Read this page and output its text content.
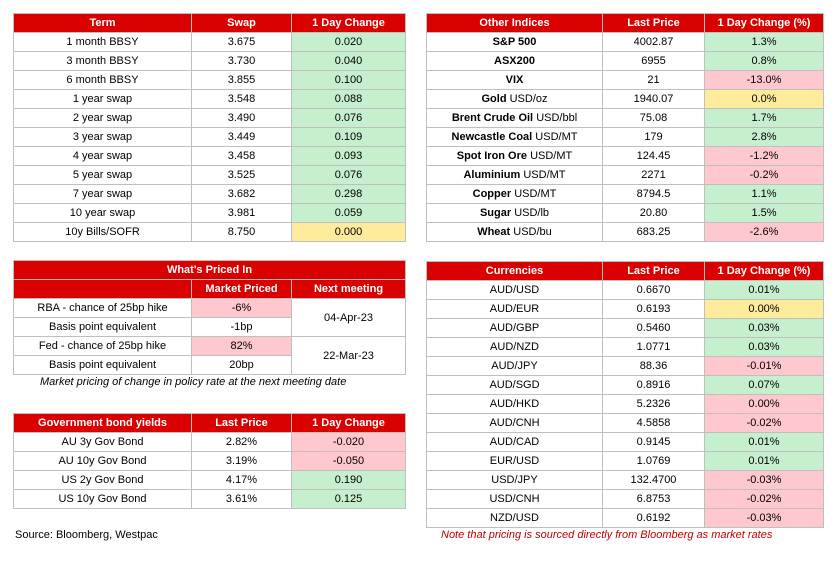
Term	Swap	1 Day Change
1 month BBSY	3.675	0.020
3 month BBSY	3.730	0.040
6 month BBSY	3.855	0.100
1 year swap	3.548	0.088
2 year swap	3.490	0.076
3 year swap	3.449	0.109
4 year swap	3.458	0.093
5 year swap	3.525	0.076
7 year swap	3.682	0.298
10 year swap	3.981	0.059
10y Bills/SOFR	8.750	0.000
Other Indices	Last Price	1 Day Change (%)
S&P 500	4002.87	1.3%
ASX200	6955	0.8%
VIX	21	-13.0%
Gold USD/oz	1940.07	0.0%
Brent Crude Oil USD/bbl	75.08	1.7%
Newcastle Coal USD/MT	179	2.8%
Spot Iron Ore USD/MT	124.45	-1.2%
Aluminium USD/MT	2271	-0.2%
Copper USD/MT	8794.5	1.1%
Sugar USD/lb	20.80	1.5%
Wheat USD/bu	683.25	-2.6%
What's Priced In		
	Market Priced	Next meeting
RBA - chance of 25bp hike	-6%	04-Apr-23
Basis point equivalent	-1bp	
Fed - chance of 25bp hike	82%	22-Mar-23
Basis point equivalent	20bp	
Market pricing of change in policy rate at the next meeting date
Government bond yields	Last Price	1 Day Change
AU 3y Gov Bond	2.82%	-0.020
AU 10y Gov Bond	3.19%	-0.050
US 2y Gov Bond	4.17%	0.190
US 10y Gov Bond	3.61%	0.125
Currencies	Last Price	1 Day Change (%)
AUD/USD	0.6670	0.01%
AUD/EUR	0.6193	0.00%
AUD/GBP	0.5460	0.03%
AUD/NZD	1.0771	0.03%
AUD/JPY	88.36	-0.01%
AUD/SGD	0.8916	0.07%
AUD/HKD	5.2326	0.00%
AUD/CNH	4.5858	-0.02%
AUD/CAD	0.9145	0.01%
EUR/USD	1.0769	0.01%
USD/JPY	132.4700	-0.03%
USD/CNH	6.8753	-0.02%
NZD/USD	0.6192	-0.03%
Source: Bloomberg, Westpac	Note that pricing is sourced directly from Bloomberg as market rates
